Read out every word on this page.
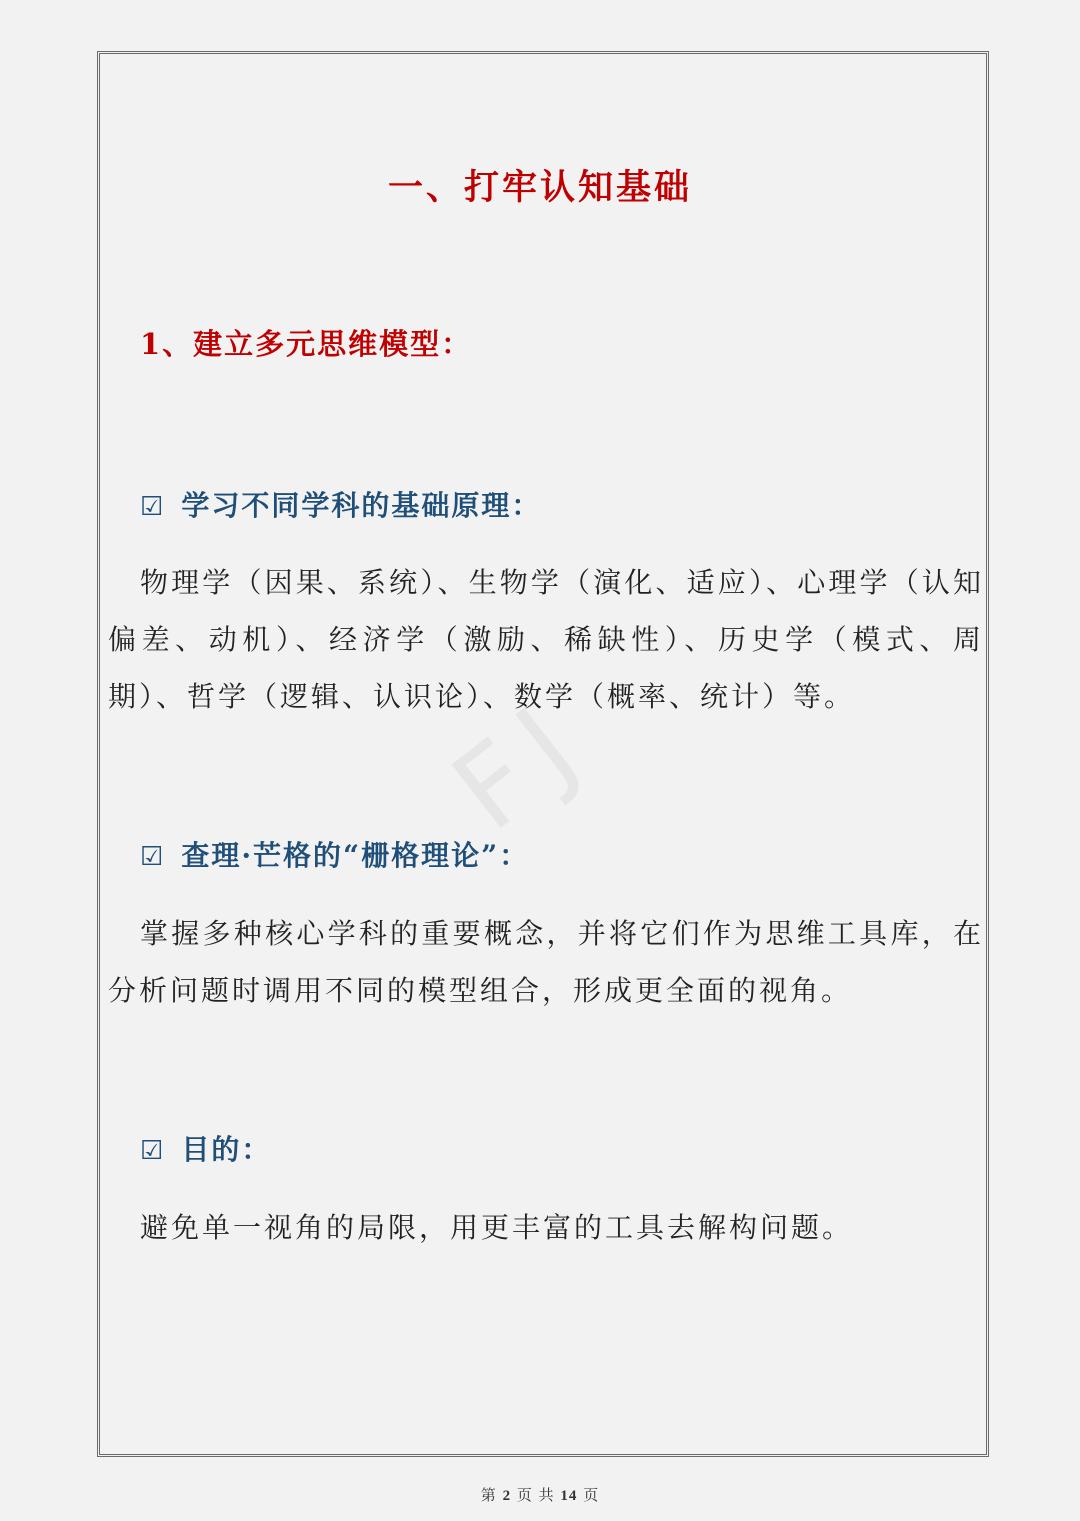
FJ
一、打牢认知基础
1、建立多元思维模型：
☑ 学习不同学科的基础原理：

物理学（因果、系统）、生物学（演化、适应）、心理学（认知偏差、动机）、经济学（激励、稀缺性）、历史学（模式、周期）、哲学（逻辑、认识论）、数学（概率、统计）等。

☑ 查理·芒格的“栅格理论”：

掌握多种核心学科的重要概念，并将它们作为思维工具库，在分析问题时调用不同的模型组合，形成更全面的视角。

☑ 目的：

避免单一视角的局限，用更丰富的工具去解构问题。

第 2 页 共 14 页
